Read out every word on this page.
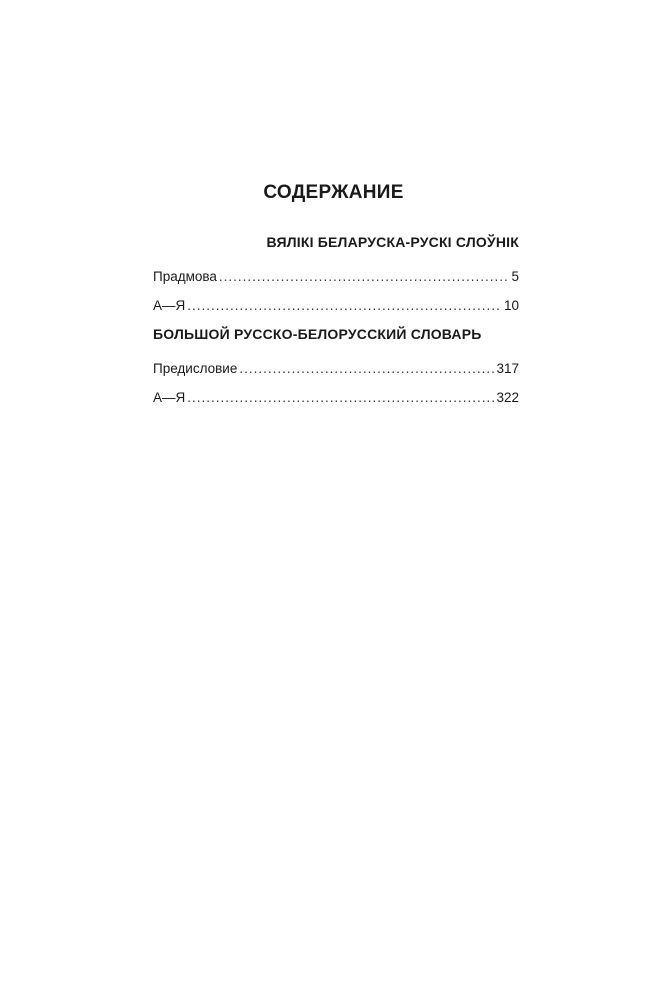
СОДЕРЖАНИЕ
ВЯЛІКІ БЕЛАРУСКА-РУСКІ СЛОЎНІК
Прадмова .....	5
А—Я .....	10
БОЛЬШОЙ РУССКО-БЕЛОРУССКИЙ СЛОВАРЬ
Предисловие .....	317
А—Я .....	322
